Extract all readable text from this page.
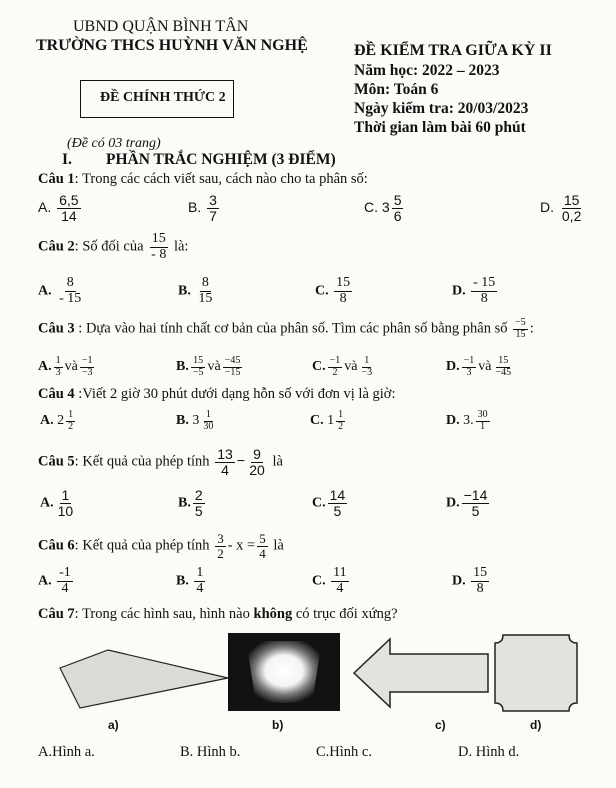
UBND QUẬN BÌNH TÂN
TRƯỜNG THCS HUỲNH VĂN NGHỆ
ĐỀ CHÍNH THỨC 2
(Đề có 03 trang)
ĐỀ KIỂM TRA GIỮA KỲ II
Năm học: 2022 – 2023
Môn: Toán 6
Ngày kiểm tra: 20/03/2023
Thời gian làm bài 60 phút
I. PHẦN TRẮC NGHIỆM (3 ĐIỂM)
Câu 1: Trong các cách viết sau, cách nào cho ta phân số:
A. $\frac{6,5}{14}$	B. $\frac{3}{7}$	C. $3 \frac{5}{6}$	D. $\frac{15}{0,2}$
Câu 2: Số đối của $\frac{15}{- 8}$ là:
A. $\frac{8}{- 15}$	B. $\frac{8}{15}$	C. $\frac{15}{8}$	D. $\frac{- 15}{8}$
Câu 3 : Dựa vào hai tính chất cơ bản của phân số. Tìm các phân số bằng phân số $\frac{-5}{15}$ :
A. $\frac{1}{3}$ và $\frac{-1}{-3}$	B. $\frac{15}{-5}$ và $\frac{-45}{-15}$	C. $\frac{-1}{2}$ và $\frac{1}{-3}$	D. $\frac{-1}{3}$ và $\frac{15}{-45}$
Câu 4 :Viết 2 giờ 30 phút dưới dạng hỗn số với đơn vị là giờ:
A. $2 \frac{1}{2}$	B. $3 \frac{1}{30}$	C. $1 \frac{1}{2}$	D. 3. $\frac{30}{1}$
Câu 5: Kết quả của phép tính $\frac{13}{4} - \frac{9}{20}$ là
A. $\frac{1}{10}$	B. $\frac{2}{5}$	C. $\frac{14}{5}$	D. $\frac{-14}{5}$
Câu 6: Kết quả của phép tính $\frac{3}{2} - x = \frac{5}{4}$ là
A. $\frac{-1}{4}$	B. $\frac{1}{4}$	C. $\frac{11}{4}$	D. $\frac{15}{8}$
Câu 7: Trong các hình sau, hình nào không có trục đối xứng?
a)	b)	c)	d)
A.Hình a.	B. Hình b.	C.Hình c.	D. Hình d.
